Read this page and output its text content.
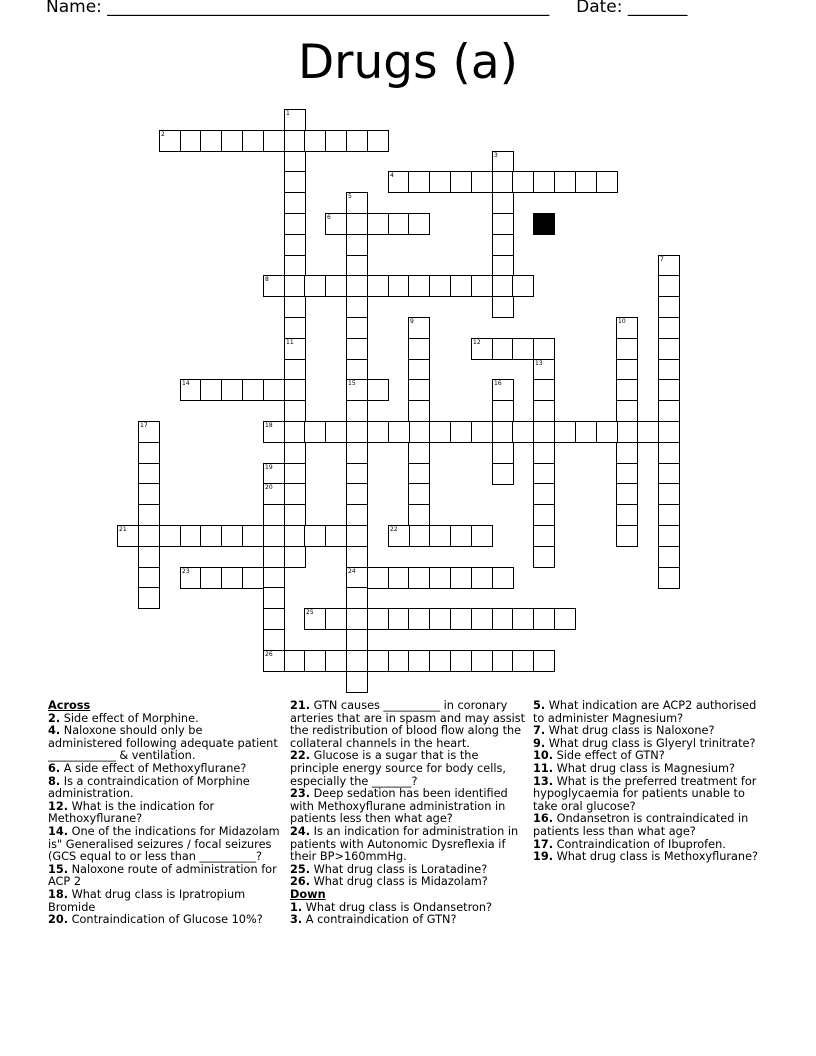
Name: ____________________________________________________ Date: _______
Drugs (a)
1
11
2
3
4
5
15
24
6
7
8
9	10
12
13
14	16
17	18
19
20
21	22
23
25
26
Across
2. Side effect of Morphine.
4. Naloxone should only be administered following adequate patient ____________ & ventilation.
6. A side effect of Methoxyflurane?
8. Is a contraindication of Morphine administration.
12. What is the indication for Methoxyflurane?
14. One of the indications for Midazolam is" Generalised seizures / focal seizures (GCS equal to or less than __________?
15. Naloxone route of administration for ACP 2
18. What drug class is Ipratropium Bromide
20. Contraindication of Glucose 10%?
21. GTN causes __________ in coronary arteries that are in spasm and may assist the redistribution of blood flow along the collateral channels in the heart.
22. Glucose is a sugar that is the principle energy source for body cells, especially the _______?
23. Deep sedation has been identified with Methoxyflurane administration in patients less then what age?
24. Is an indication for administration in patients with Autonomic Dysreflexia if their BP>160mmHg.
25. What drug class is Loratadine?
26. What drug class is Midazolam?
Down
1. What drug class is Ondansetron?
3. A contraindication of GTN?
5. What indication are ACP2 authorised to administer Magnesium?
7. What drug class is Naloxone?
9. What drug class is Glyeryl trinitrate?
10. Side effect of GTN?
11. What drug class is Magnesium?
13. What is the preferred treatment for hypoglycaemia for patients unable to take oral glucose?
16. Ondansetron is contraindicated in patients less than what age?
17. Contraindication of Ibuprofen.
19. What drug class is Methoxyflurane?
